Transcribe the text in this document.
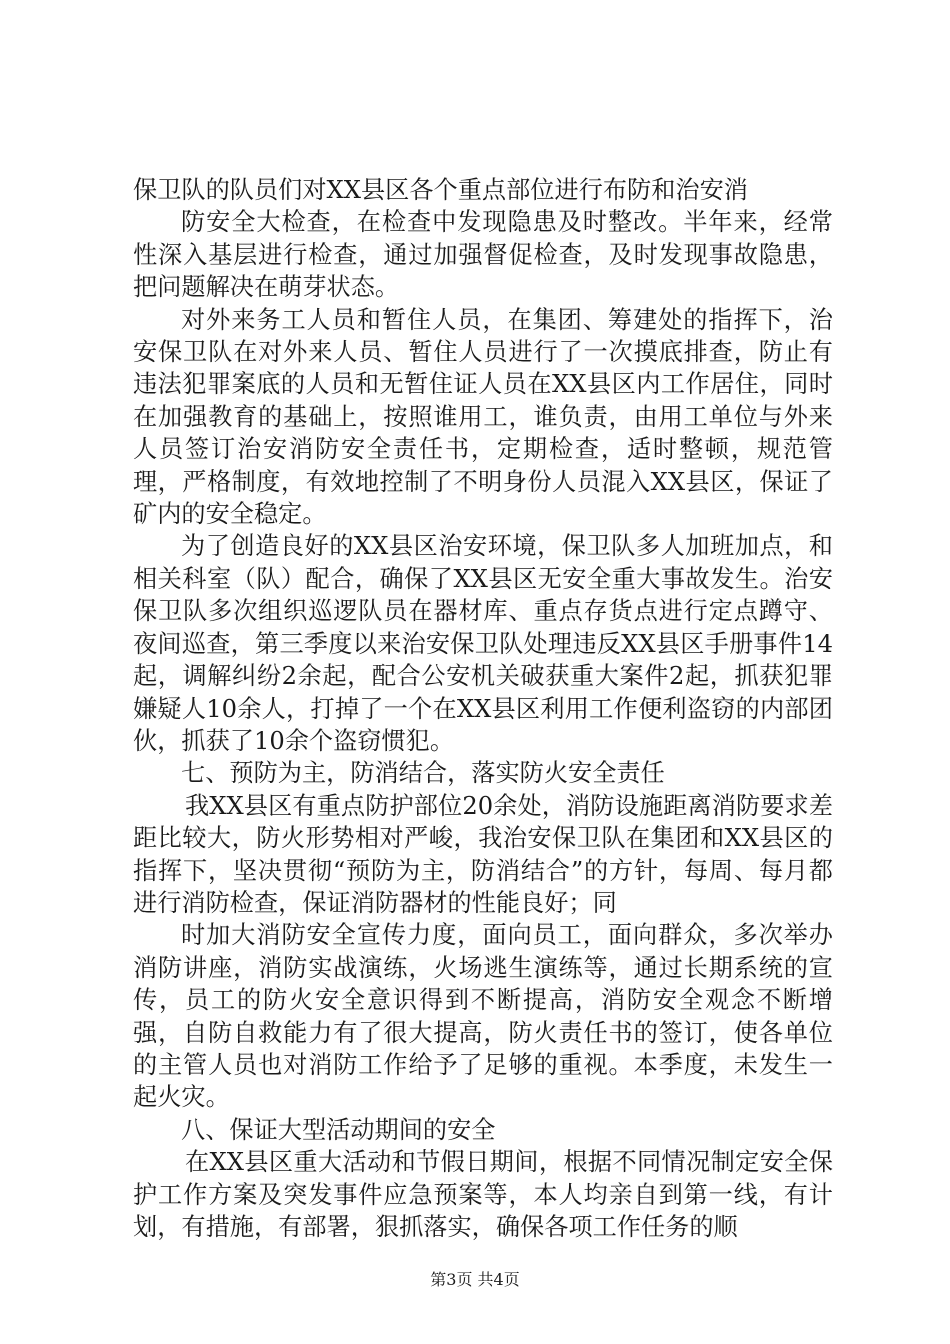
保卫队的队员们对XX县区各个重点部位进行布防和治安消

防安全大检查，在检查中发现隐患及时整改。半年来，经常性深入基层进行检查，通过加强督促检查，及时发现事故隐患，把问题解决在萌芽状态。

对外来务工人员和暂住人员，在集团、筹建处的指挥下，治安保卫队在对外来人员、暂住人员进行了一次摸底排查，防止有违法犯罪案底的人员和无暂住证人员在XX县区内工作居住，同时在加强教育的基础上，按照谁用工，谁负责，由用工单位与外来人员签订治安消防安全责任书，定期检查，适时整顿，规范管理，严格制度，有效地控制了不明身份人员混入XX县区，保证了矿内的安全稳定。

为了创造良好的XX县区治安环境，保卫队多人加班加点，和相关科室（队）配合，确保了XX县区无安全重大事故发生。治安保卫队多次组织巡逻队员在器材库、重点存货点进行定点蹲守、夜间巡查，第三季度以来治安保卫队处理违反XX县区手册事件14起，调解纠纷2余起，配合公安机关破获重大案件2起，抓获犯罪嫌疑人10余人，打掉了一个在XX县区利用工作便利盗窃的内部团伙，抓获了10余个盗窃惯犯。

七、预防为主，防消结合，落实防火安全责任

我XX县区有重点防护部位20余处，消防设施距离消防要求差距比较大，防火形势相对严峻，我治安保卫队在集团和XX县区的指挥下，坚决贯彻“预防为主，防消结合”的方针，每周、每月都进行消防检查，保证消防器材的性能良好；同

时加大消防安全宣传力度，面向员工，面向群众，多次举办消防讲座，消防实战演练，火场逃生演练等，通过长期系统的宣传，员工的防火安全意识得到不断提高，消防安全观念不断增强，自防自救能力有了很大提高，防火责任书的签订，使各单位的主管人员也对消防工作给予了足够的重视。本季度，未发生一起火灾。

八、保证大型活动期间的安全

在XX县区重大活动和节假日期间，根据不同情况制定安全保护工作方案及突发事件应急预案等，本人均亲自到第一线，有计划，有措施，有部署，狠抓落实，确保各项工作任务的顺

第3页 共4页
